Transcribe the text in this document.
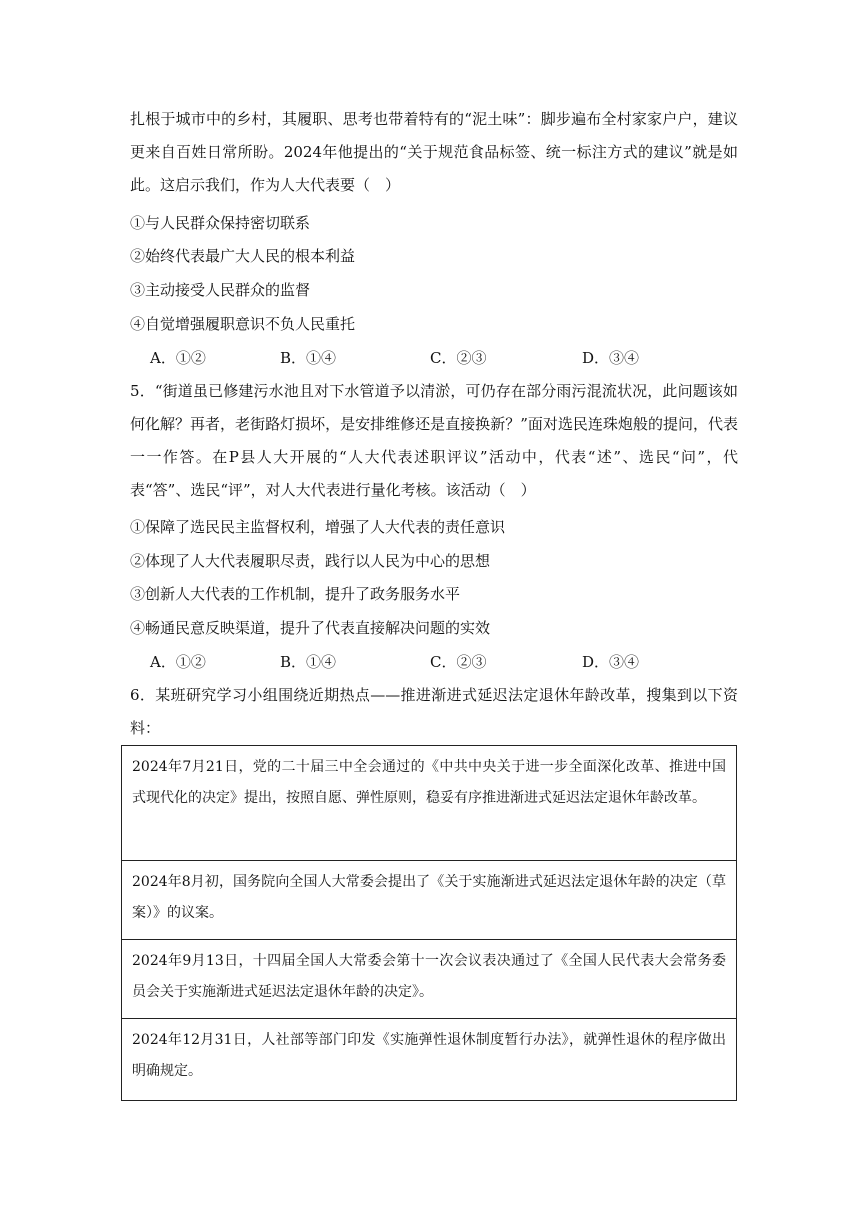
扎根于城市中的乡村，其履职、思考也带着特有的“泥土味”：脚步遍布全村家家户户，建议更来自百姓日常所盼。2024年他提出的“关于规范食品标签、统一标注方式的建议”就是如此。这启示我们，作为人大代表要（　）

①与人民群众保持密切联系

②始终代表最广大人民的根本利益

③主动接受人民群众的监督

④自觉增强履职意识不负人民重托

A．①②	B．①④	C．②③	D．③④

5．“街道虽已修建污水池且对下水管道予以清淤，可仍存在部分雨污混流状况，此问题该如何化解？再者，老街路灯损坏，是安排维修还是直接换新？”面对选民连珠炮般的提问，代表一一作答。在P县人大开展的“人大代表述职评议”活动中，代表“述”、选民“问”，代表“答”、选民“评”，对人大代表进行量化考核。该活动（　）

①保障了选民民主监督权利，增强了人大代表的责任意识

②体现了人大代表履职尽责，践行以人民为中心的思想

③创新人大代表的工作机制，提升了政务服务水平

④畅通民意反映渠道，提升了代表直接解决问题的实效

A．①②	B．①④	C．②③	D．③④

6．某班研究学习小组围绕近期热点——推进渐进式延迟法定退休年龄改革，搜集到以下资料：

2024年7月21日，党的二十届三中全会通过的《中共中央关于进一步全面深化改革、推进中国式现代化的决定》提出，按照自愿、弹性原则，稳妥有序推进渐进式延迟法定退休年龄改革。
2024年8月初，国务院向全国人大常委会提出了《关于实施渐进式延迟法定退休年龄的决定（草案）》的议案。
2024年9月13日，十四届全国人大常委会第十一次会议表决通过了《全国人民代表大会常务委员会关于实施渐进式延迟法定退休年龄的决定》。
2024年12月31日，人社部等部门印发《实施弹性退休制度暂行办法》，就弹性退休的程序做出明确规定。
